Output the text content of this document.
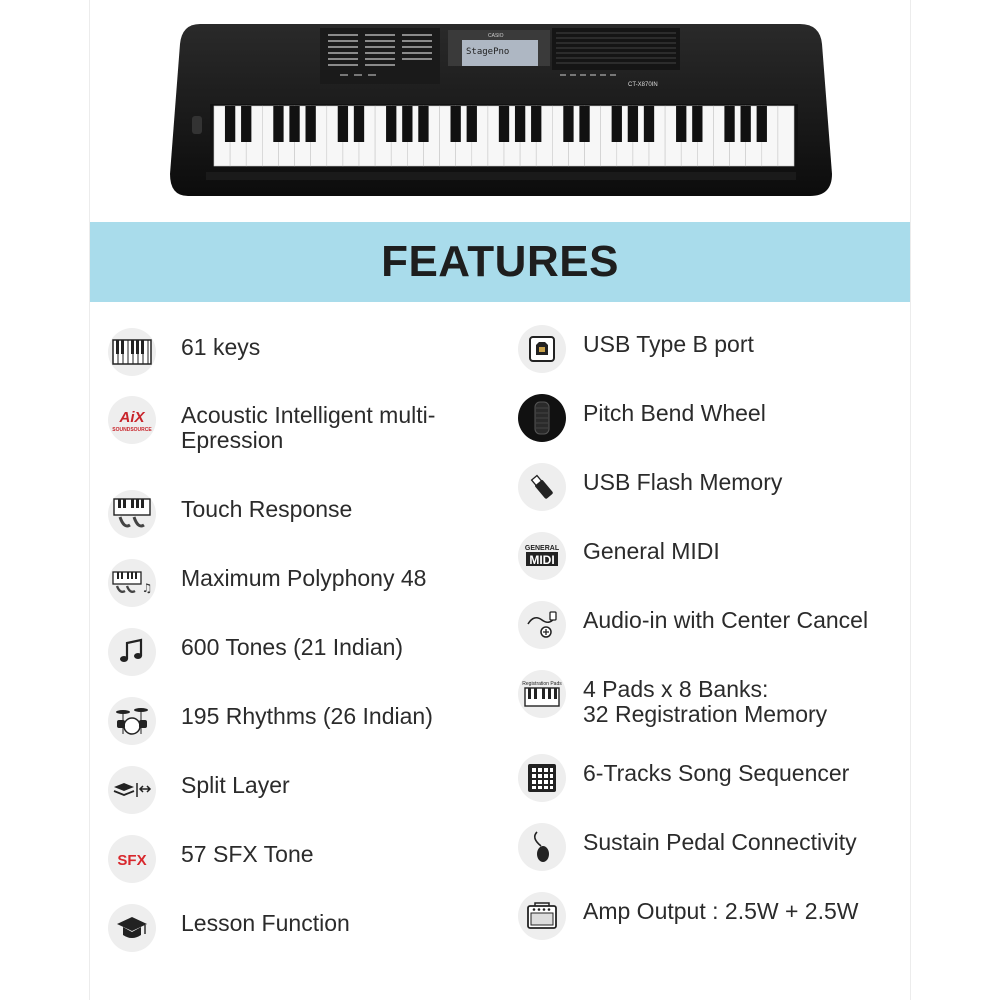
StagePno
CASIO
CT-X870IN
FEATURES
61 keys
AiX
SOUNDSOURCE
Acoustic Intelligent multi-
Epression
Touch Response
♫ Maximum Polyphony 48
600 Tones (21 Indian)
195 Rhythms (26 Indian)
Split Layer
SFX 57 SFX Tone
Lesson Function
USB Type B port
Pitch Bend Wheel
USB Flash Memory
GENERAL
MIDI General MIDI
Audio-in with Center Cancel
Registration Pads 4 Pads x 8 Banks:
32 Registration Memory
6-Tracks Song Sequencer
Sustain Pedal Connectivity
Amp Output : 2.5W + 2.5W
